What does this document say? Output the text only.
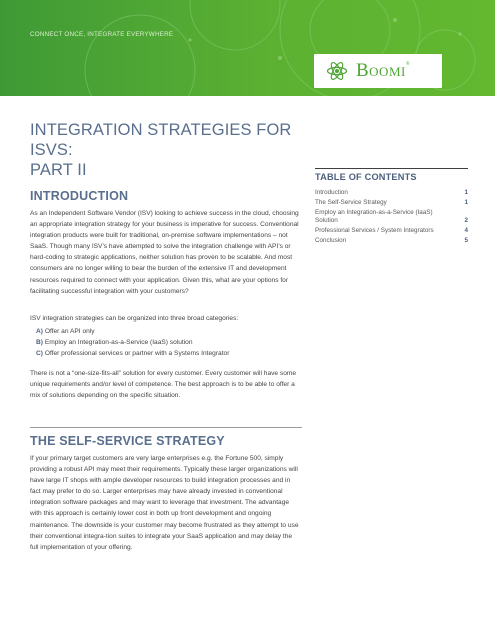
CONNECT ONCE, INTEGRATE EVERYWHERE
Boomi®
INTEGRATION STRATEGIES FOR ISVS:
PART II	TABLE OF CONTENTS
Introduction	1
The Self-Service Strategy	1
Employ an Integration-as-a-Service (IaaS) Solution	2
Professional Services / System Integrators	4
Conclusion	5
INTRODUCTION

As an Independent Software Vendor (ISV) looking to achieve success in the cloud, choosing an appropriate integration strategy for your business is imperative for success. Conventional integration products were built for traditional, on-premise software implementations – not SaaS. Though many ISV’s have attempted to solve the integration challenge with API’s or hard-coding to strategic applications, neither solution has proven to be scalable. And most consumers are no longer willing to bear the burden of the extensive IT and development resources required to connect with your application. Given this, what are your options for facilitating successful integration with your customers?

ISV integration strategies can be organized into three broad categories:

A) Offer an API only
B) Employ an Integration-as-a-Service (IaaS) solution
C) Offer professional services or partner with a Systems Integrator

There is not a “one-size-fits-all” solution for every customer. Every customer will have some unique requirements and/or level of competence. The best approach is to be able to offer a mix of solutions depending on the specific situation.

THE SELF-SERVICE STRATEGY

If your primary target customers are very large enterprises e.g. the Fortune 500, simply providing a robust API may meet their requirements. Typically these larger organizations will have large IT shops with ample developer resources to build integration processes and in fact may prefer to do so. Larger enterprises may have already invested in conventional integration software packages and may want to leverage that investment. The advantage with this approach is certainly lower cost in both up front development and ongoing maintenance. The downside is your customer may become frustrated as they attempt to use their conventional integra-tion suites to integrate your SaaS application and may delay the full implementation of your offering.
